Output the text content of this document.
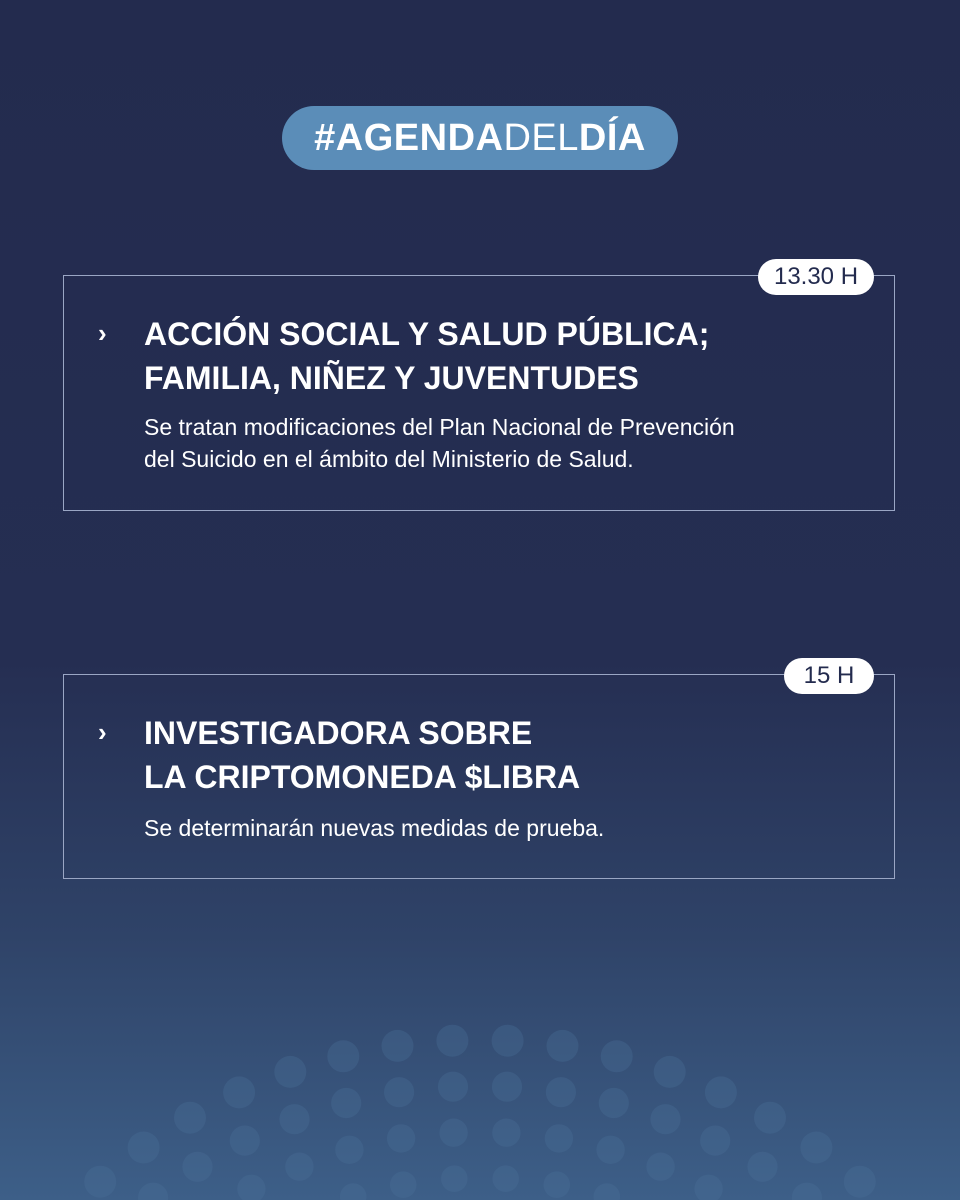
#AGENDA DEL DÍA
13.30 H
› ACCIÓN SOCIAL Y SALUD PÚBLICA;
FAMILIA, NIÑEZ Y JUVENTUDES
Se tratan modificaciones del Plan Nacional de Prevención
del Suicido en el ámbito del Ministerio de Salud.
15 H
› INVESTIGADORA SOBRE
LA CRIPTOMONEDA $LIBRA
Se determinarán nuevas medidas de prueba.
